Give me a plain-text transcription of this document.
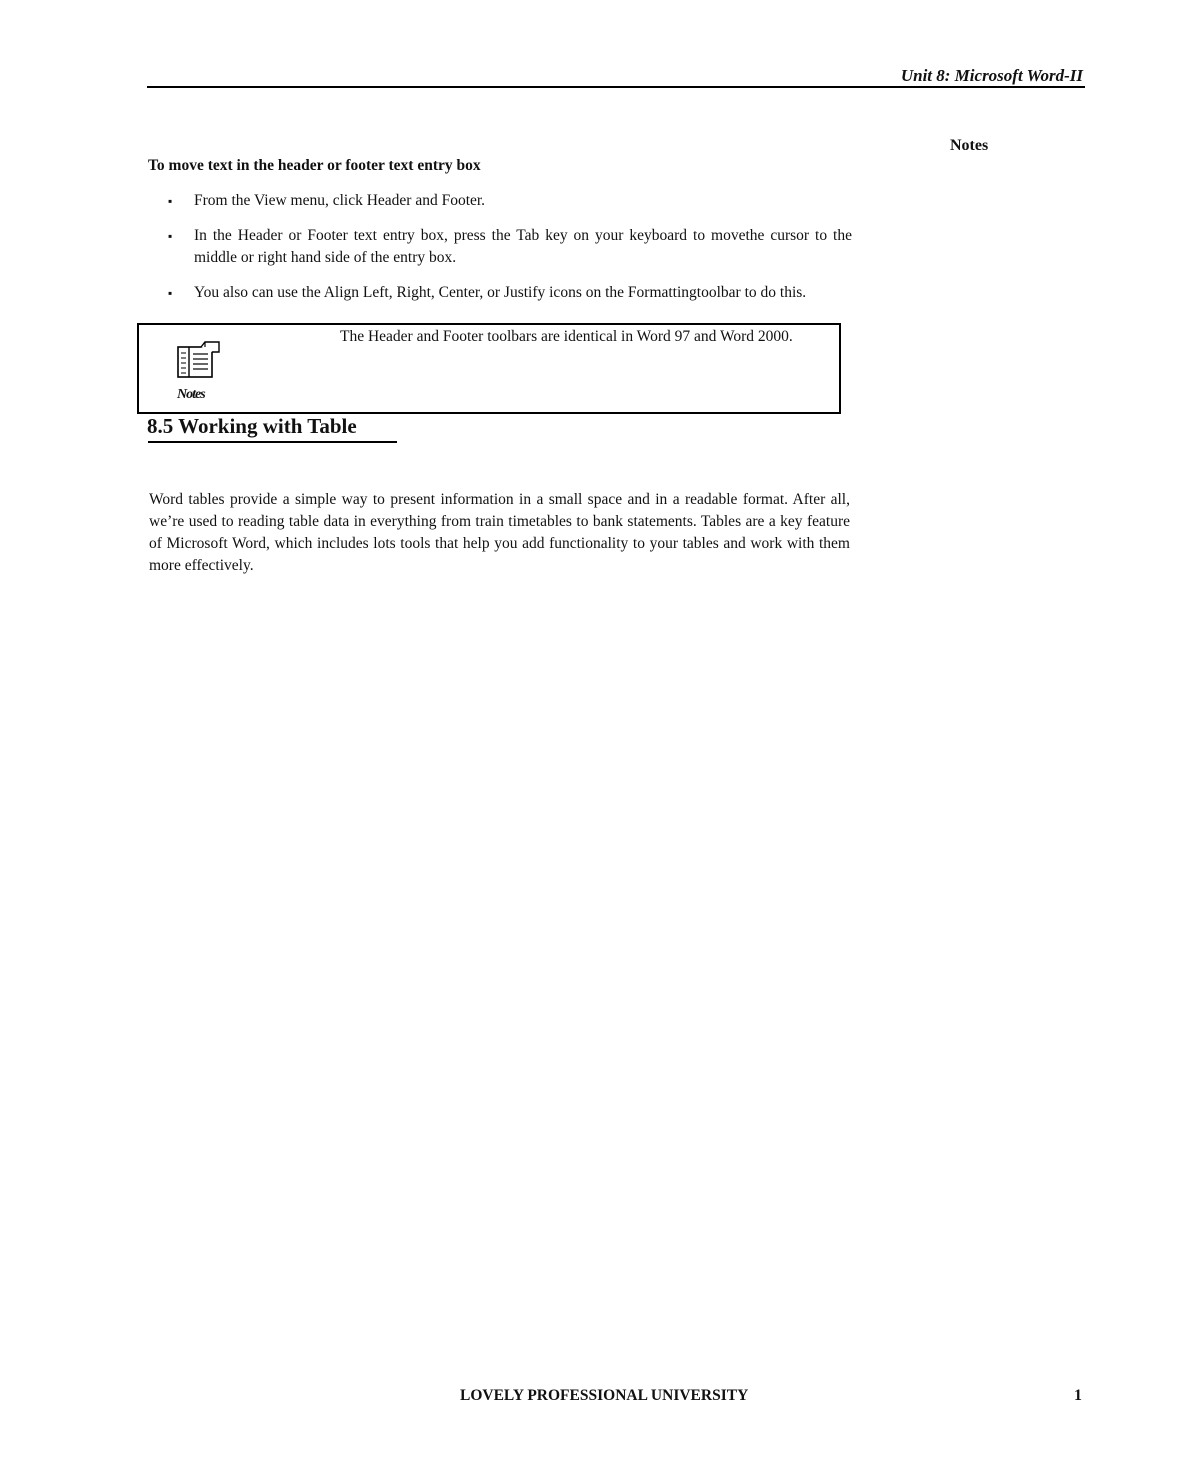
Unit 8: Microsoft Word-II
Notes
To move text in the header or footer text entry box
▪ From the View menu, click Header and Footer.
▪ In the Header or Footer text entry box, press the Tab key on your keyboard to movethe cursor to the middle or right hand side of the entry box.
▪ You also can use the Align Left, Right, Center, or Justify icons on the Formattingtoolbar to do this.
Notes
The Header and Footer toolbars are identical in Word 97 and Word 2000.
8.5 Working with Table

Word tables provide a simple way to present information in a small space and in a readable format. After all, we’re used to reading table data in everything from train timetables to bank statements. Tables are a key feature of Microsoft Word, which includes lots tools that help you add functionality to your tables and work with them more effectively.

LOVELY PROFESSIONAL UNIVERSITY	1
